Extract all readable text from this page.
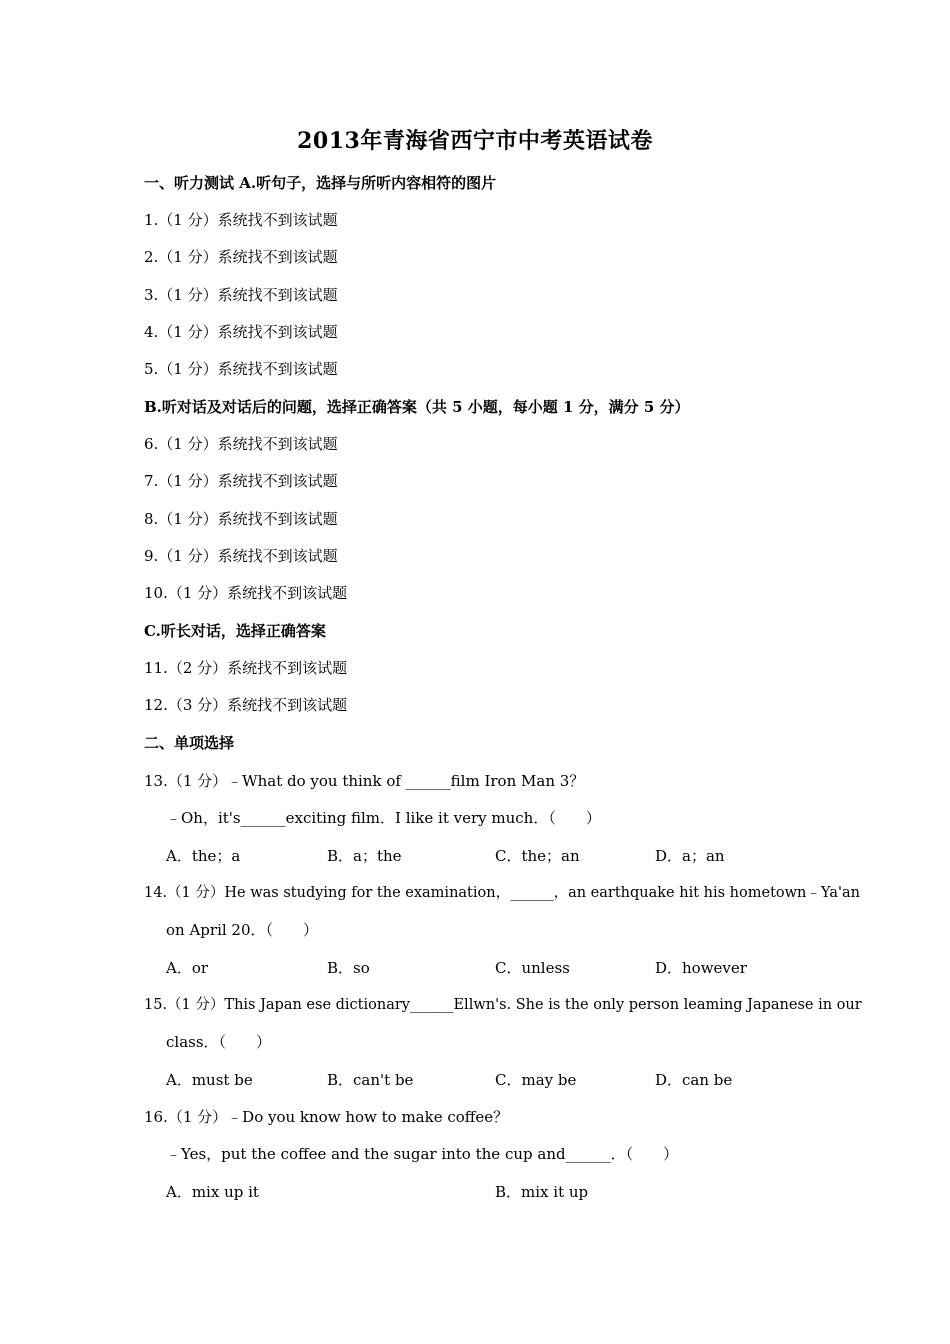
2013年青海省西宁市中考英语试卷
一、听力测试 A.听句子，选择与所听内容相符的图片
1.（1 分）系统找不到该试题
2.（1 分）系统找不到该试题
3.（1 分）系统找不到该试题
4.（1 分）系统找不到该试题
5.（1 分）系统找不到该试题
B.听对话及对话后的问题，选择正确答案（共 5 小题，每小题 1 分，满分 5 分）
6.（1 分）系统找不到该试题
7.（1 分）系统找不到该试题
8.（1 分）系统找不到该试题
9.（1 分）系统找不到该试题
10.（1 分）系统找不到该试题
C.听长对话，选择正确答案
11.（2 分）系统找不到该试题
12.（3 分）系统找不到该试题
二、单项选择
13.（1 分）﹣What do you think of ______film Iron Man 3？
﹣Oh，it's______exciting film．I like it very much．（　　）
A．the；a	B．a；the	C．the；an	D．a；an
14.（1 分）He was studying for the examination，______，an earthquake hit his hometown﹣Ya'an
on April 20．（　　）
A．or	B．so	C．unless	D．however
15.（1 分）This Japan ese dictionary______Ellwn's. She is the only person leaming Japanese in our
class．（　　）
A．must be	B．can't be	C．may be	D．can be
16.（1 分）﹣Do you know how to make coffee？
﹣Yes，put the coffee and the sugar into the cup and______．（　　）
A．mix up it	B．mix it up
